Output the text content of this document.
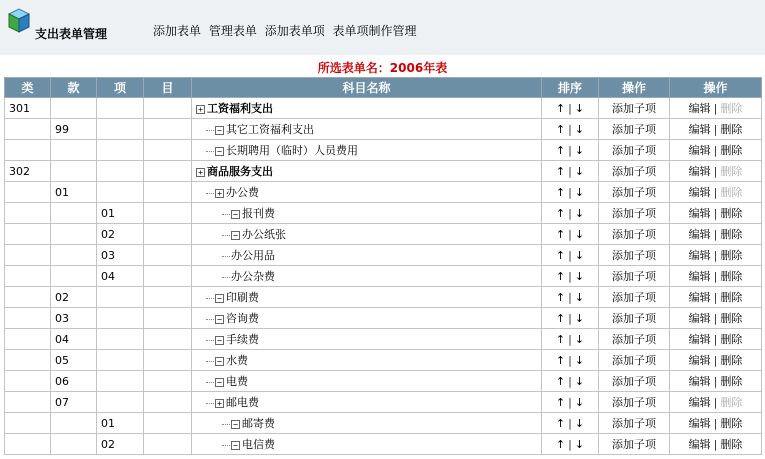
支出表单管理	添加表单 管理表单 添加表单项 表单项制作管理
所选表单名：2006年表
类	款	项	目	科目名称	排序	操作	操作
301				+ 工资福利支出	↑ | ↓	添加子项	编辑 | 删除
	99			− 其它工资福利支出	↑ | ↓	添加子项	编辑 | 删除
				− 长期聘用（临时）人员费用	↑ | ↓	添加子项	编辑 | 删除
302				+ 商品服务支出	↑ | ↓	添加子项	编辑 | 删除
	01			+ 办公费	↑ | ↓	添加子项	编辑 | 删除
		01		− 报刊费	↑ | ↓	添加子项	编辑 | 删除
		02		− 办公纸张	↑ | ↓	添加子项	编辑 | 删除
		03		办公用品	↑ | ↓	添加子项	编辑 | 删除
		04		办公杂费	↑ | ↓	添加子项	编辑 | 删除
	02			− 印刷费	↑ | ↓	添加子项	编辑 | 删除
	03			− 咨询费	↑ | ↓	添加子项	编辑 | 删除
	04			− 手续费	↑ | ↓	添加子项	编辑 | 删除
	05			− 水费	↑ | ↓	添加子项	编辑 | 删除
	06			− 电费	↑ | ↓	添加子项	编辑 | 删除
	07			+ 邮电费	↑ | ↓	添加子项	编辑 | 删除
		01		− 邮寄费	↑ | ↓	添加子项	编辑 | 删除
		02		− 电信费	↑ | ↓	添加子项	编辑 | 删除
